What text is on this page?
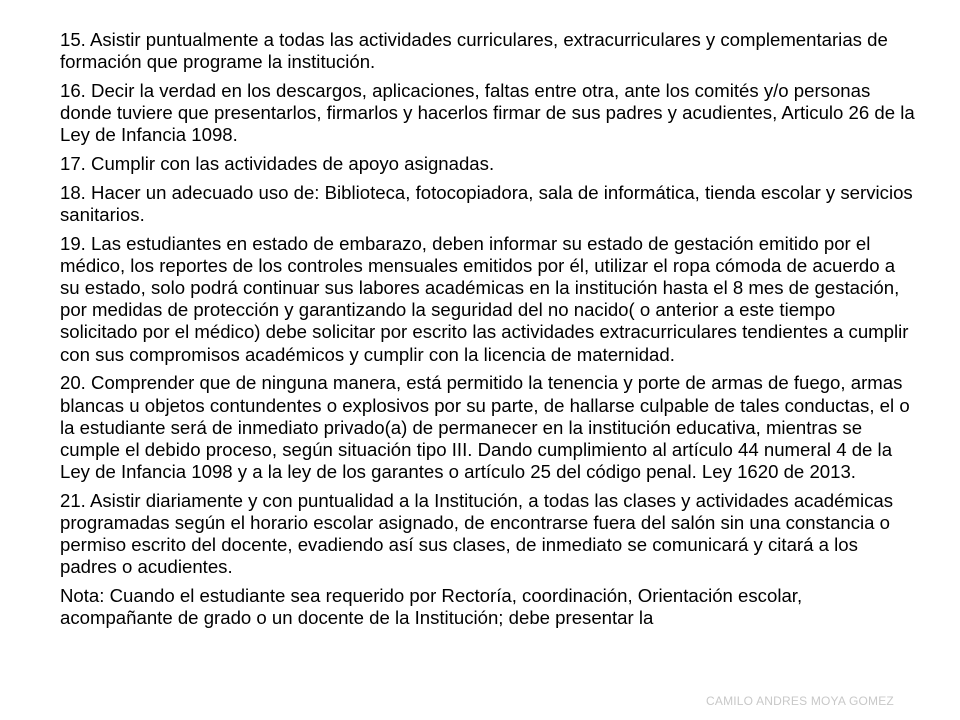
15. Asistir puntualmente a todas las actividades curriculares, extracurriculares y complementarias de formación que programe la institución.

16. Decir la verdad en los descargos, aplicaciones, faltas entre otra, ante los comités y/o personas donde tuviere que presentarlos, firmarlos y hacerlos firmar de sus padres y acudientes, Articulo 26 de la Ley de Infancia 1098.

17. Cumplir con las actividades de apoyo asignadas.

18. Hacer un adecuado uso de: Biblioteca, fotocopiadora, sala de informática, tienda escolar y servicios sanitarios.

19. Las estudiantes en estado de embarazo, deben informar su estado de gestación emitido por el médico, los reportes de los controles mensuales emitidos por él, utilizar el ropa cómoda de acuerdo a su estado, solo podrá continuar sus labores académicas en la institución hasta el 8 mes de gestación, por medidas de protección y garantizando la seguridad del no nacido( o anterior a este tiempo solicitado por el médico) debe solicitar por escrito las actividades extracurriculares tendientes a cumplir con sus compromisos académicos y cumplir con la licencia de maternidad.

20. Comprender que de ninguna manera, está permitido la tenencia y porte de armas de fuego, armas blancas u objetos contundentes o explosivos por su parte, de hallarse culpable de tales conductas, el o la estudiante será de inmediato privado(a) de permanecer en la institución educativa, mientras se cumple el debido proceso, según situación tipo III. Dando cumplimiento al artículo 44 numeral 4 de la Ley de Infancia 1098 y a la ley de los garantes o artículo 25 del código penal. Ley 1620 de 2013.

21. Asistir diariamente y con puntualidad a la Institución, a todas las clases y actividades académicas programadas según el horario escolar asignado, de encontrarse fuera del salón sin una constancia o permiso escrito del docente, evadiendo así sus clases, de inmediato se comunicará y citará a los padres o acudientes.

Nota: Cuando el estudiante sea requerido por Rectoría, coordinación, Orientación escolar, acompañante de grado o un docente de la Institución; debe presentar la

CAMILO ANDRES MOYA GOMEZ
